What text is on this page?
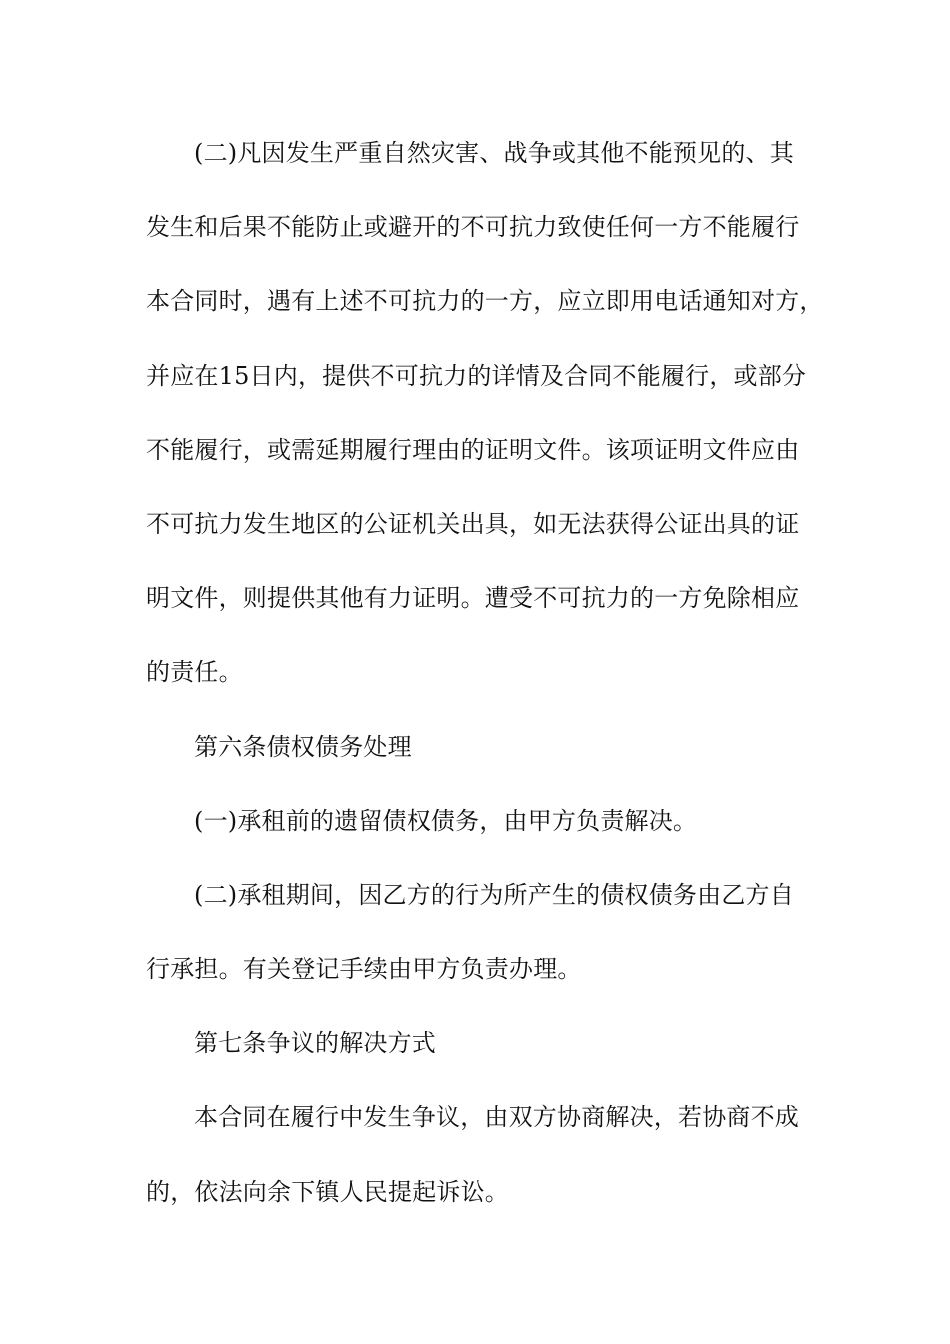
(二)凡因发生严重自然灾害、战争或其他不能预见的、其
发生和后果不能防止或避开的不可抗力致使任何一方不能履行
本合同时，遇有上述不可抗力的一方，应立即用电话通知对方，
并应在15日内，提供不可抗力的详情及合同不能履行，或部分
不能履行，或需延期履行理由的证明文件。该项证明文件应由
不可抗力发生地区的公证机关出具，如无法获得公证出具的证
明文件，则提供其他有力证明。遭受不可抗力的一方免除相应
的责任。
第六条债权债务处理
(一)承租前的遗留债权债务，由甲方负责解决。
(二)承租期间，因乙方的行为所产生的债权债务由乙方自
行承担。有关登记手续由甲方负责办理。
第七条争议的解决方式
本合同在履行中发生争议，由双方协商解决，若协商不成
的，依法向余下镇人民提起诉讼。
